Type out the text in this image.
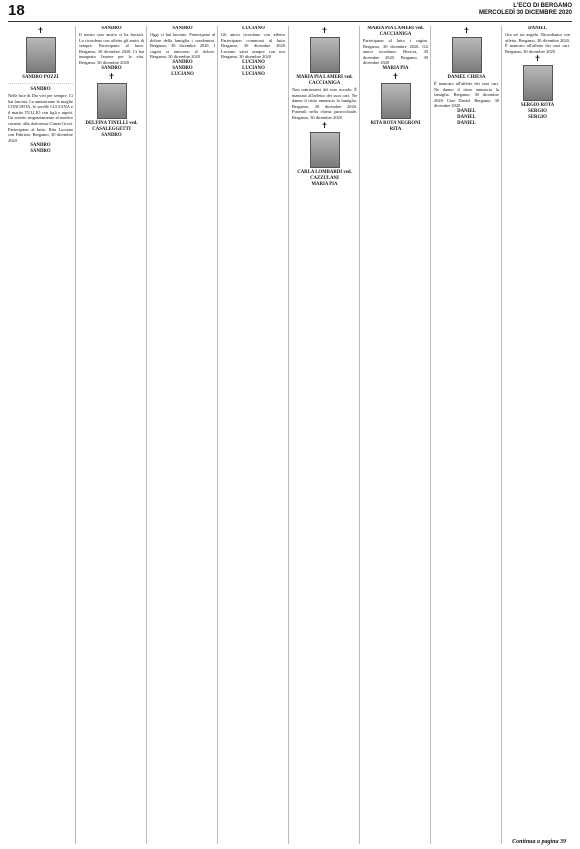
18	L'ECO DI BERGAMO
MERCOLEDÌ 30 DICEMBRE 2020
✝
SANDRO POZZI
SANDRO
Nelle luce di Dio vivi per sempre. Ci hai lasciati. La annunciano la moglie CONCHITA, le sorelle LUCIANA e il marito TULLIO con figli e nipoti. Un sentito ringraziamento al medico curante, alla dottoressa Cinzia Grosi. Partecipano al lutto: Rita Luciano con Fabrizio. Bergamo, 30 dicembre 2020
SANDRO
SANDRO
SANDRO
Il nostro caro amico ci ha lasciati. Lo ricordano con affetto gli amici di sempre. Partecipano al lutto. Bergamo, 30 dicembre 2020. Ci hai insegnato l'amore per la vita. Bergamo, 30 dicembre 2020
SANDRO
✝
DELFINA TINELLI ved. CASALEGGETTI
SANDRO
SANDRO
Oggi ci hai lasciato. Partecipano al dolore della famiglia i condomini. Bergamo, 30 dicembre 2020. I cugini si uniscono al dolore. Bergamo, 30 dicembre 2020
SANDRO
SANDRO
LUCIANO
LUCIANO
Gli amici ricordano con affetto. Partecipano commossi al lutto. Bergamo, 30 dicembre 2020. Luciano sarai sempre con noi. Bergamo, 30 dicembre 2020
LUCIANO
LUCIANO
LUCIANO
✝
MARIA PIA LAMERI ved. CACCIANIGA
Non rattristatevi del mio ricordo. È mancata all'affetto dei suoi cari. Ne danno il triste annuncio la famiglia. Bergamo, 30 dicembre 2020. Funerali nella chiesa parrocchiale. Bergamo, 30 dicembre 2020
✝
CARLA LOMBARDI ved. CAZZULANI
MARIA PIA
MARIA PIA LAMERI ved. CACCIANIGA
Partecipano al lutto i cugini. Bergamo, 30 dicembre 2020. Gli amici ricordano. Brescia, 30 dicembre 2020. Bergamo, 30 dicembre 2020
MARIA PIA
✝
RITA ROTA NEGRONI
RITA
✝
DANIEL CHIESA
È mancato all'affetto dei suoi cari. Ne danno il triste annuncio la famiglia. Bergamo, 30 dicembre 2020. Ciao Daniel. Bergamo, 30 dicembre 2020
DANIEL
DANIEL
DANIEL
DANIEL
Ora sei un angelo. Ricordiamo con affetto. Bergamo, 30 dicembre 2020. È mancato all'affetto dei suoi cari. Bergamo, 30 dicembre 2020
✝
SERGIO ROTA
SERGIO
SERGIO
Continua a pagina 39
